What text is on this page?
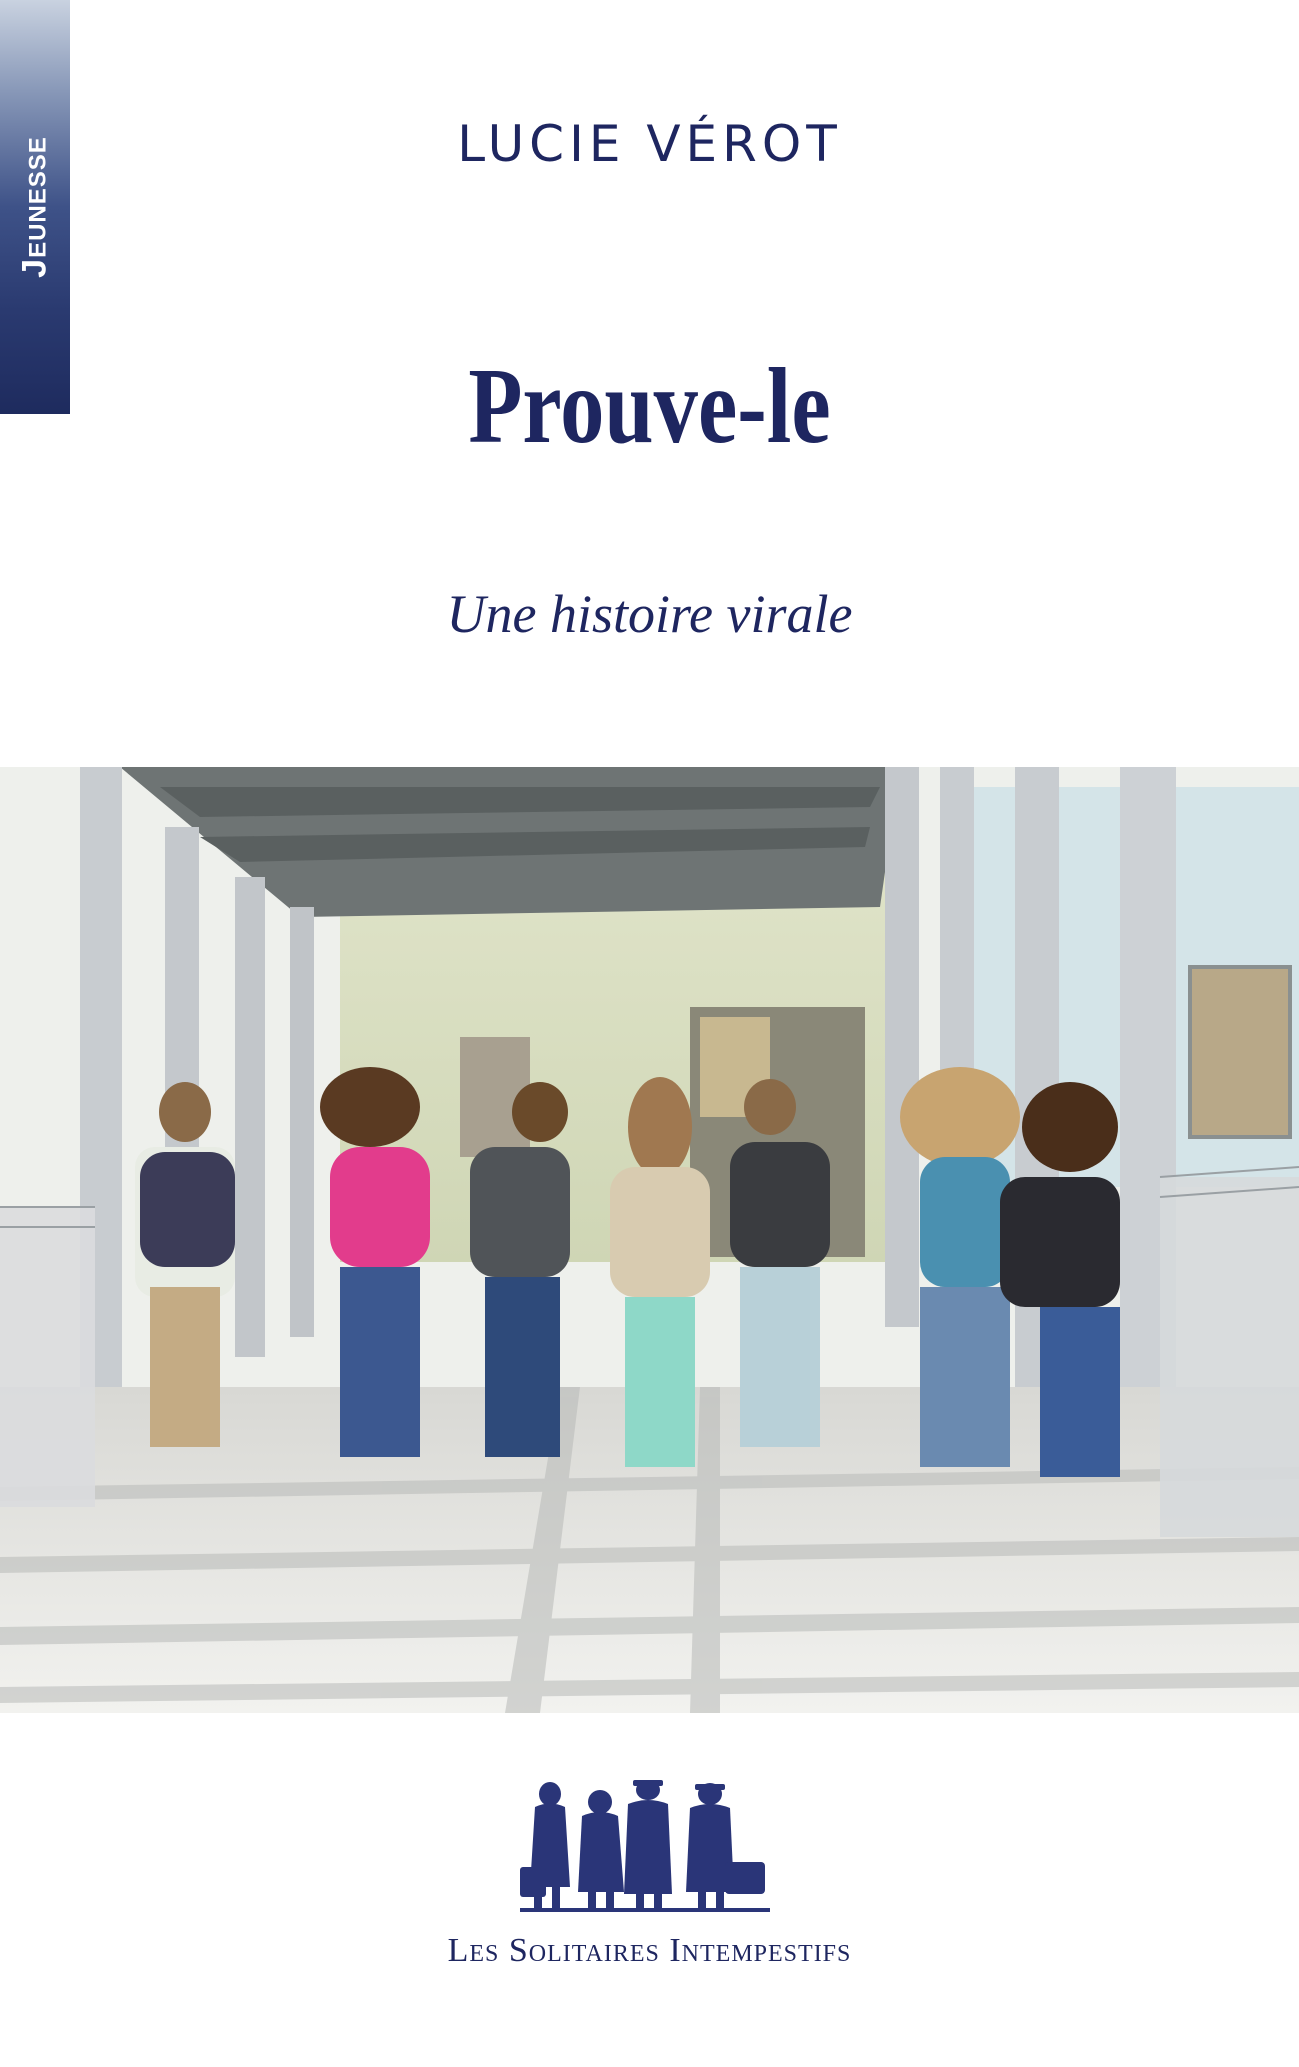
Jeunesse	LUCIE VÉROT
Prouve-le
Une histoire virale
Les Solitaires Intempestifs
